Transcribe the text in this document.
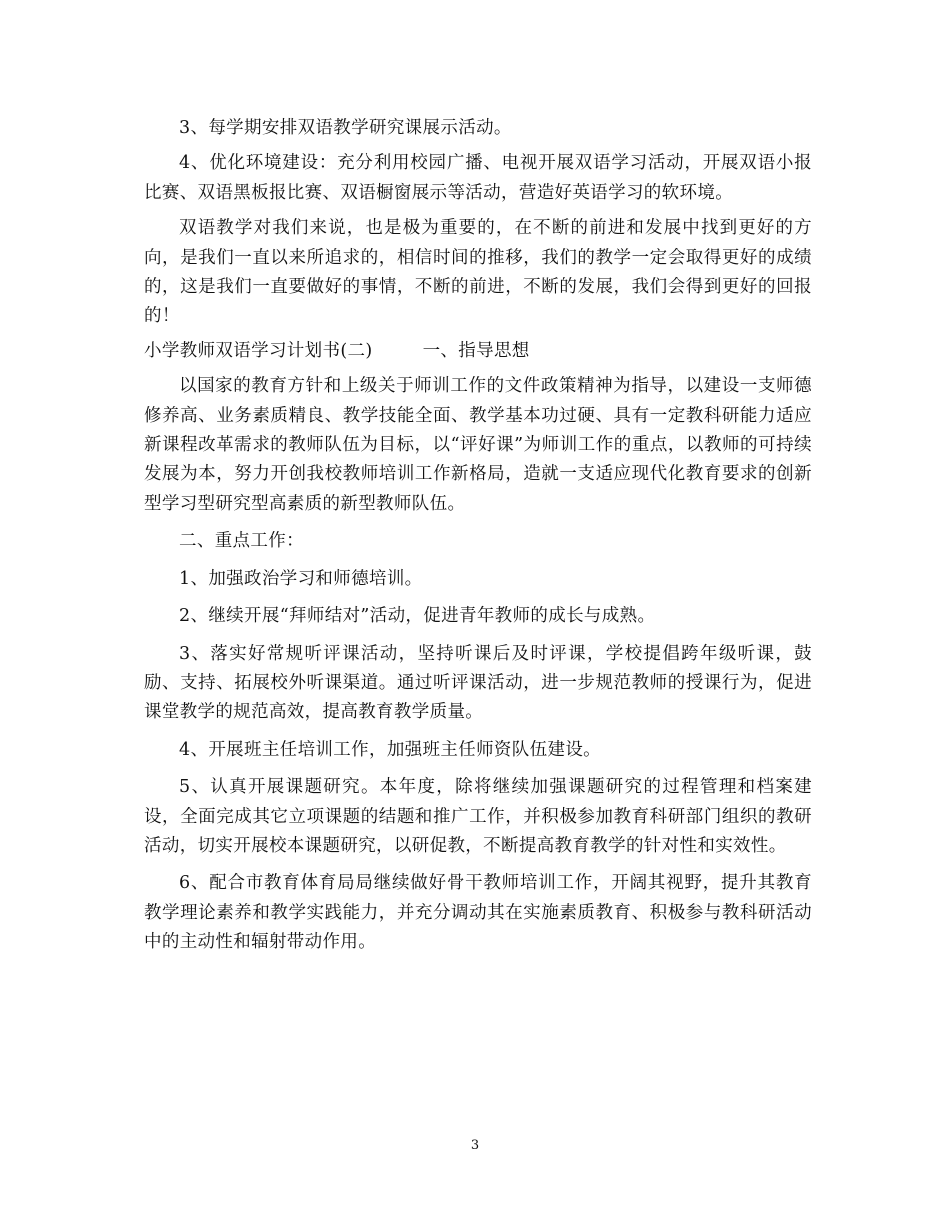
3、每学期安排双语教学研究课展示活动。

4、优化环境建设：充分利用校园广播、电视开展双语学习活动，开展双语小报比赛、双语黑板报比赛、双语橱窗展示等活动，营造好英语学习的软环境。

双语教学对我们来说，也是极为重要的，在不断的前进和发展中找到更好的方向，是我们一直以来所追求的，相信时间的推移，我们的教学一定会取得更好的成绩的，这是我们一直要做好的事情，不断的前进，不断的发展，我们会得到更好的回报的！

小学教师双语学习计划书(二)	一、指导思想

以国家的教育方针和上级关于师训工作的文件政策精神为指导，以建设一支师德修养高、业务素质精良、教学技能全面、教学基本功过硬、具有一定教科研能力适应新课程改革需求的教师队伍为目标，以“评好课”为师训工作的重点，以教师的可持续发展为本，努力开创我校教师培训工作新格局，造就一支适应现代化教育要求的创新型学习型研究型高素质的新型教师队伍。

二、重点工作：

1、加强政治学习和师德培训。

2、继续开展“拜师结对”活动，促进青年教师的成长与成熟。

3、落实好常规听评课活动，坚持听课后及时评课，学校提倡跨年级听课，鼓励、支持、拓展校外听课渠道。通过听评课活动，进一步规范教师的授课行为，促进课堂教学的规范高效，提高教育教学质量。

4、开展班主任培训工作，加强班主任师资队伍建设。

5、认真开展课题研究。本年度，除将继续加强课题研究的过程管理和档案建设，全面完成其它立项课题的结题和推广工作，并积极参加教育科研部门组织的教研活动，切实开展校本课题研究，以研促教，不断提高教育教学的针对性和实效性。

6、配合市教育体育局局继续做好骨干教师培训工作，开阔其视野，提升其教育教学理论素养和教学实践能力，并充分调动其在实施素质教育、积极参与教科研活动中的主动性和辐射带动作用。

3
